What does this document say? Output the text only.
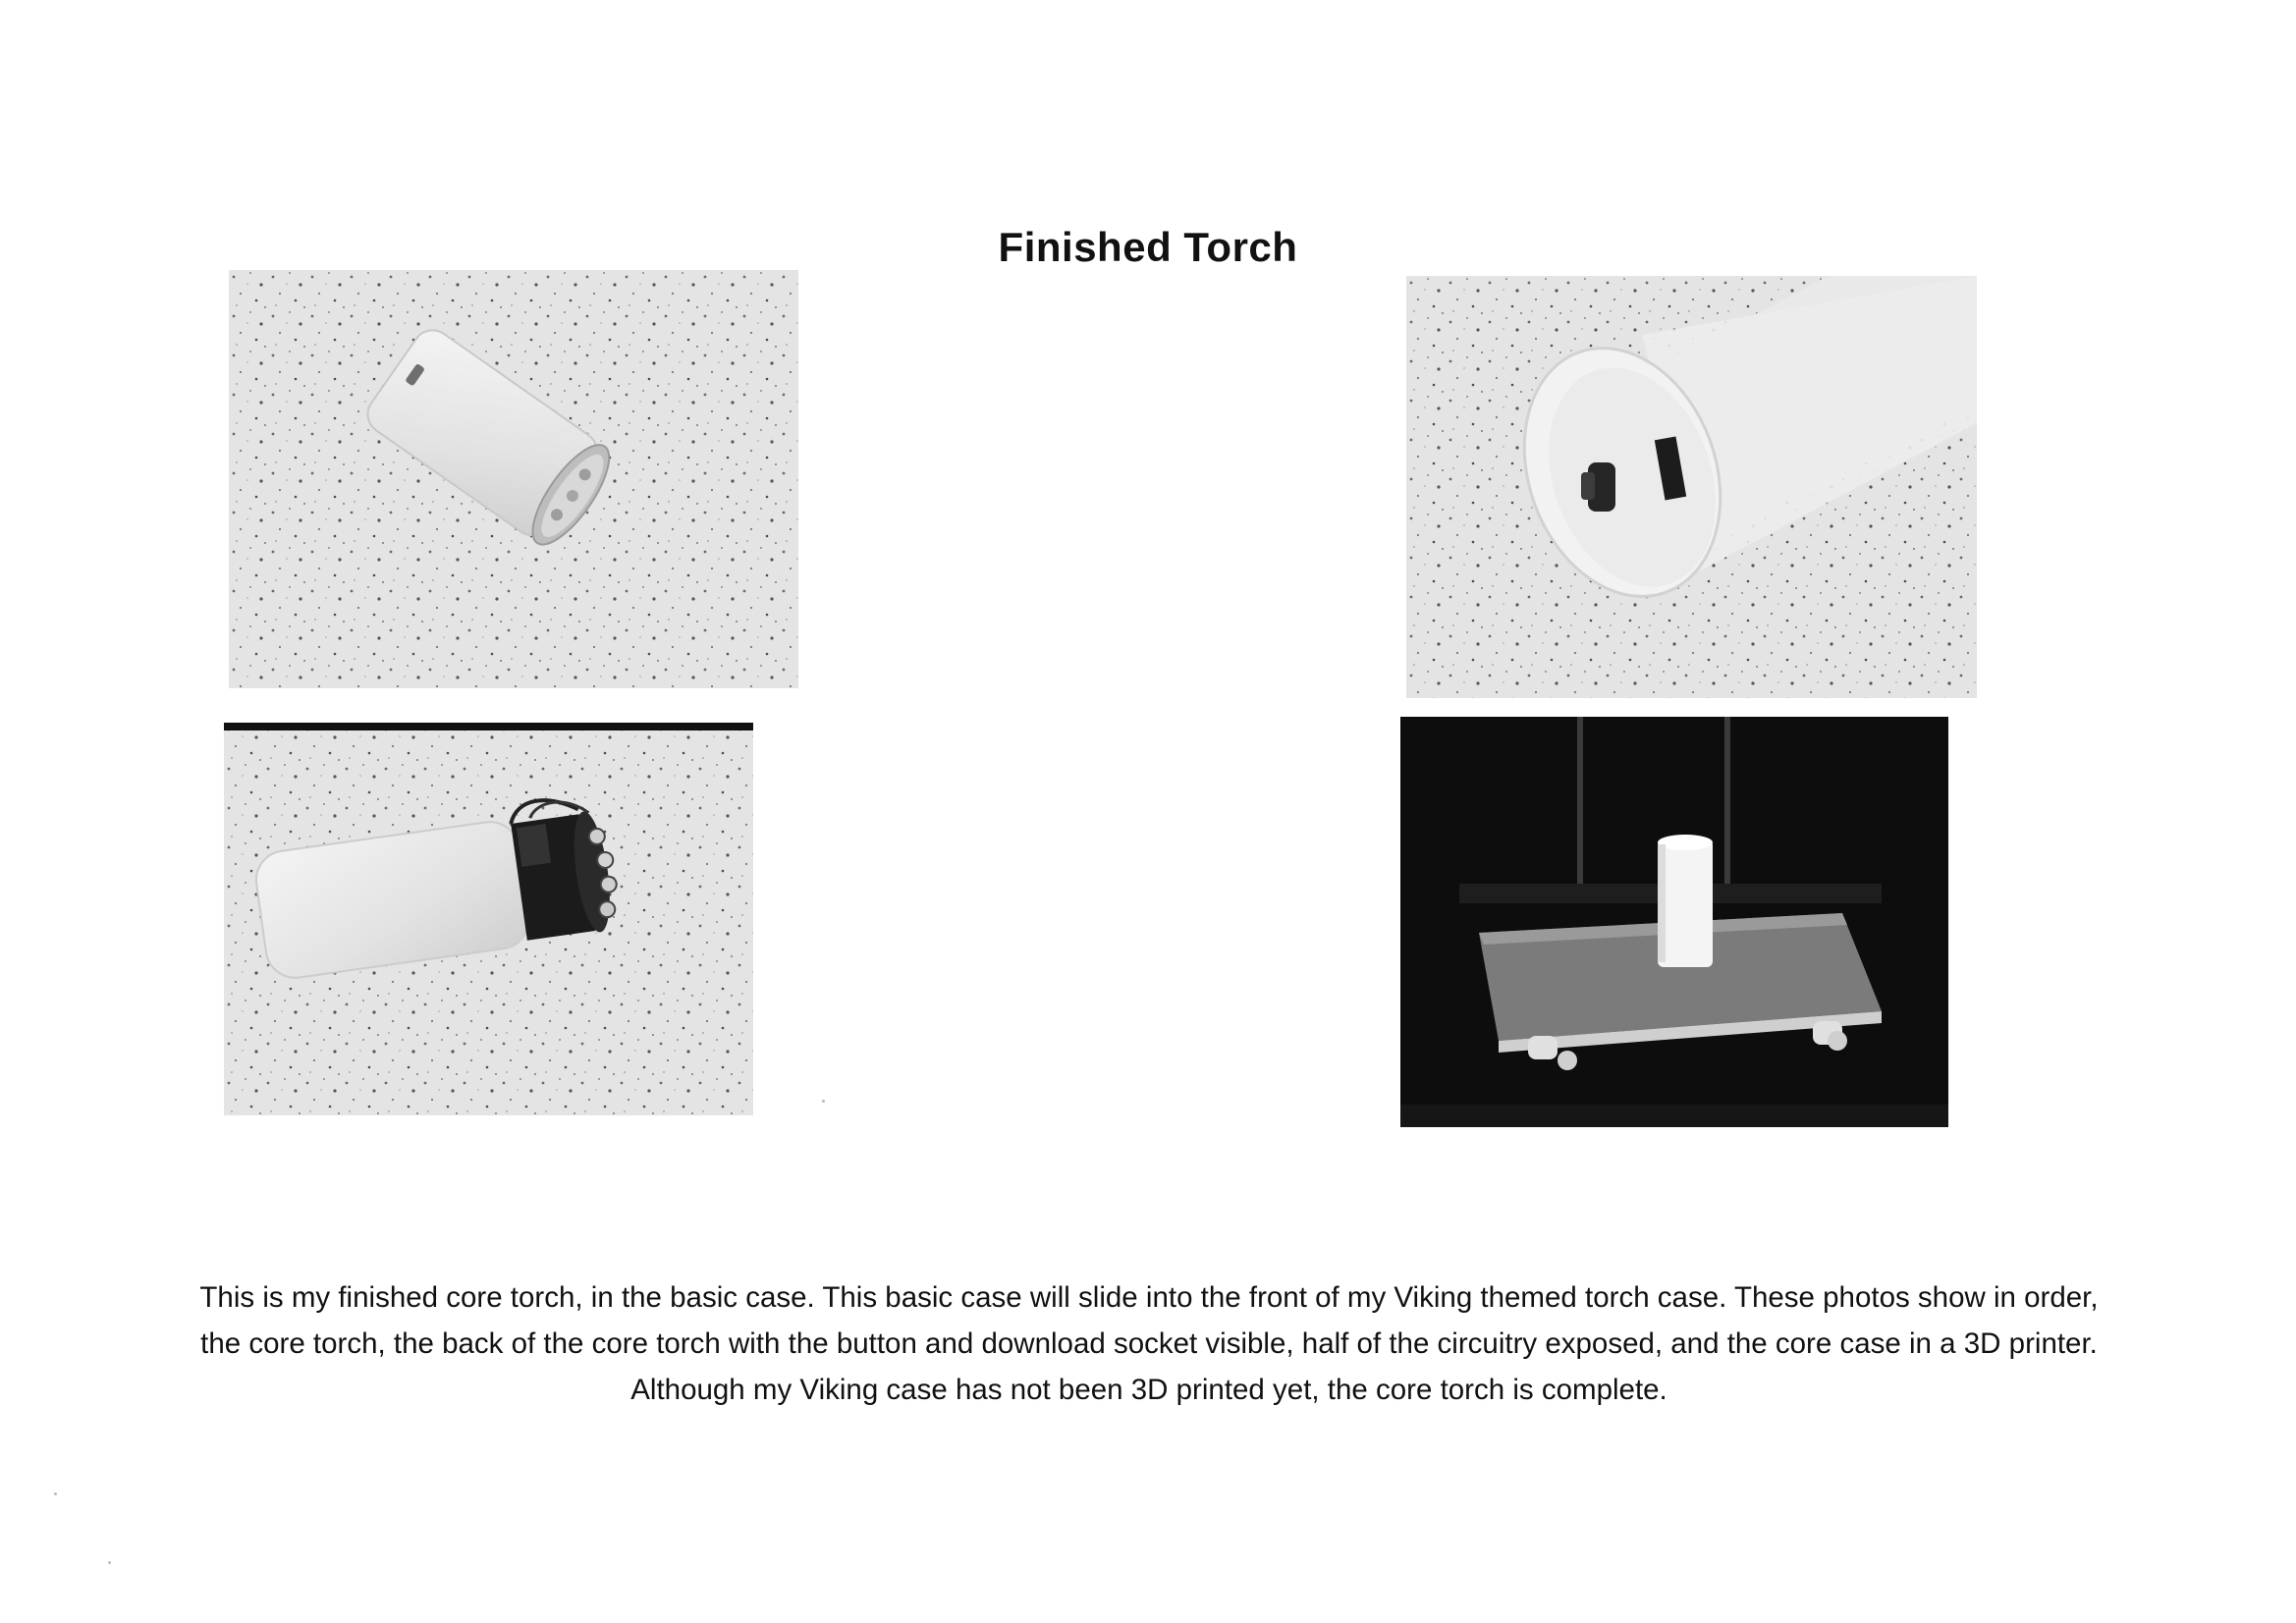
Finished Torch

This is my finished core torch, in the basic case. This basic case will slide into the front of my Viking themed torch case. These photos show in order, the core torch, the back of the core torch with the button and download socket visible, half of the circuitry exposed, and the core case in a 3D printer. Although my Viking case has not been 3D printed yet, the core torch is complete.
